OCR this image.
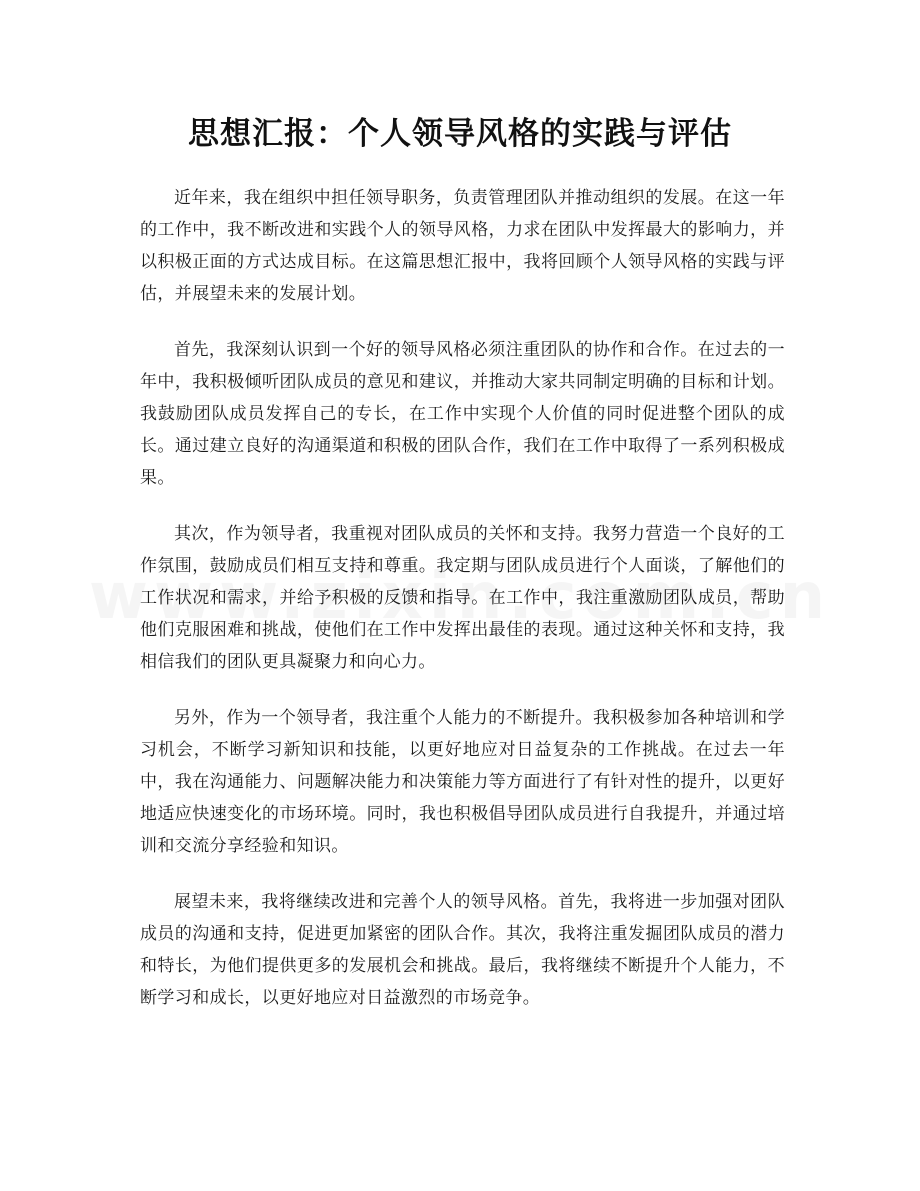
思想汇报：个人领导风格的实践与评估

近年来，我在组织中担任领导职务，负责管理团队并推动组织的发展。在这一年的工作中，我不断改进和实践个人的领导风格，力求在团队中发挥最大的影响力，并以积极正面的方式达成目标。在这篇思想汇报中，我将回顾个人领导风格的实践与评估，并展望未来的发展计划。

首先，我深刻认识到一个好的领导风格必须注重团队的协作和合作。在过去的一年中，我积极倾听团队成员的意见和建议，并推动大家共同制定明确的目标和计划。我鼓励团队成员发挥自己的专长，在工作中实现个人价值的同时促进整个团队的成长。通过建立良好的沟通渠道和积极的团队合作，我们在工作中取得了一系列积极成果。

其次，作为领导者，我重视对团队成员的关怀和支持。我努力营造一个良好的工作氛围，鼓励成员们相互支持和尊重。我定期与团队成员进行个人面谈，了解他们的工作状况和需求，并给予积极的反馈和指导。在工作中，我注重激励团队成员，帮助他们克服困难和挑战，使他们在工作中发挥出最佳的表现。通过这种关怀和支持，我相信我们的团队更具凝聚力和向心力。

另外，作为一个领导者，我注重个人能力的不断提升。我积极参加各种培训和学习机会，不断学习新知识和技能，以更好地应对日益复杂的工作挑战。在过去一年中，我在沟通能力、问题解决能力和决策能力等方面进行了有针对性的提升，以更好地适应快速变化的市场环境。同时，我也积极倡导团队成员进行自我提升，并通过培训和交流分享经验和知识。

展望未来，我将继续改进和完善个人的领导风格。首先，我将进一步加强对团队成员的沟通和支持，促进更加紧密的团队合作。其次，我将注重发掘团队成员的潜力和特长，为他们提供更多的发展机会和挑战。最后，我将继续不断提升个人能力，不断学习和成长，以更好地应对日益激烈的市场竞争。
